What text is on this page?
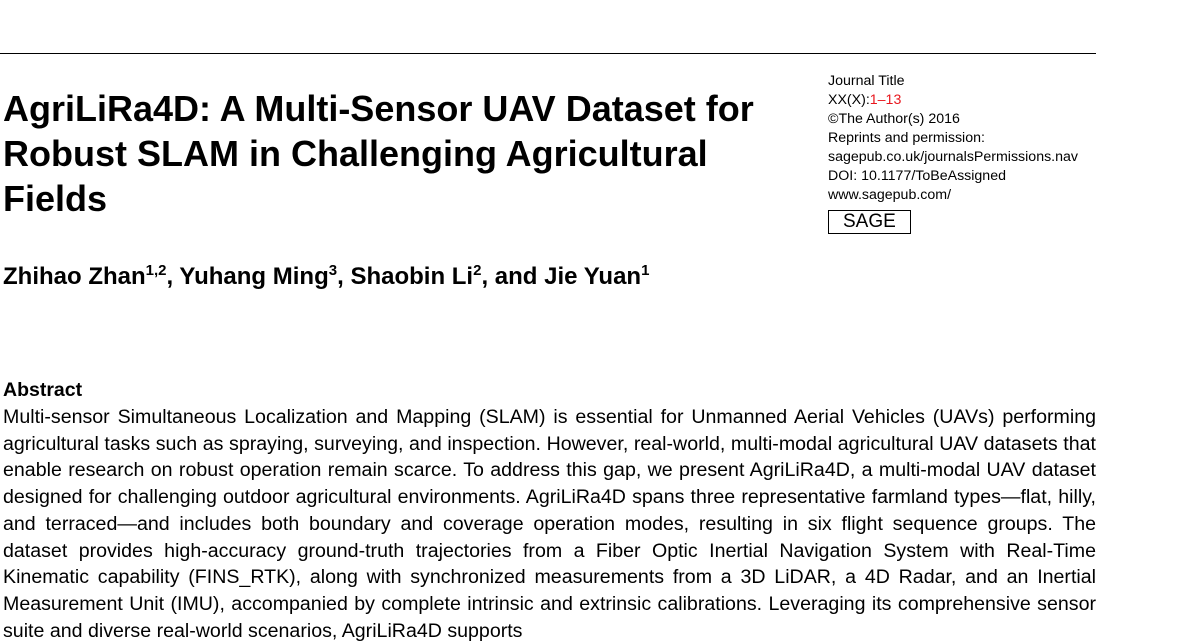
AgriLiRa4D: A Multi-Sensor UAV Dataset for Robust SLAM in Challenging Agricultural Fields
Journal Title
XX(X):1–13
©The Author(s) 2016
Reprints and permission:
sagepub.co.uk/journalsPermissions.nav
DOI: 10.1177/ToBeAssigned
www.sagepub.com/
SAGE
Zhihao Zhan$^{1,2}$, Yuhang Ming$^3$, Shaobin Li$^2$, and Jie Yuan$^1$
Abstract

Multi-sensor Simultaneous Localization and Mapping (SLAM) is essential for Unmanned Aerial Vehicles (UAVs) performing agricultural tasks such as spraying, surveying, and inspection. However, real-world, multi-modal agricultural UAV datasets that enable research on robust operation remain scarce. To address this gap, we present AgriLiRa4D, a multi-modal UAV dataset designed for challenging outdoor agricultural environments. AgriLiRa4D spans three representative farmland types—flat, hilly, and terraced—and includes both boundary and coverage operation modes, resulting in six flight sequence groups. The dataset provides high-accuracy ground-truth trajectories from a Fiber Optic Inertial Navigation System with Real-Time Kinematic capability (FINS_RTK), along with synchronized measurements from a 3D LiDAR, a 4D Radar, and an Inertial Measurement Unit (IMU), accompanied by complete intrinsic and extrinsic calibrations. Leveraging its comprehensive sensor suite and diverse real-world scenarios, AgriLiRa4D supports
